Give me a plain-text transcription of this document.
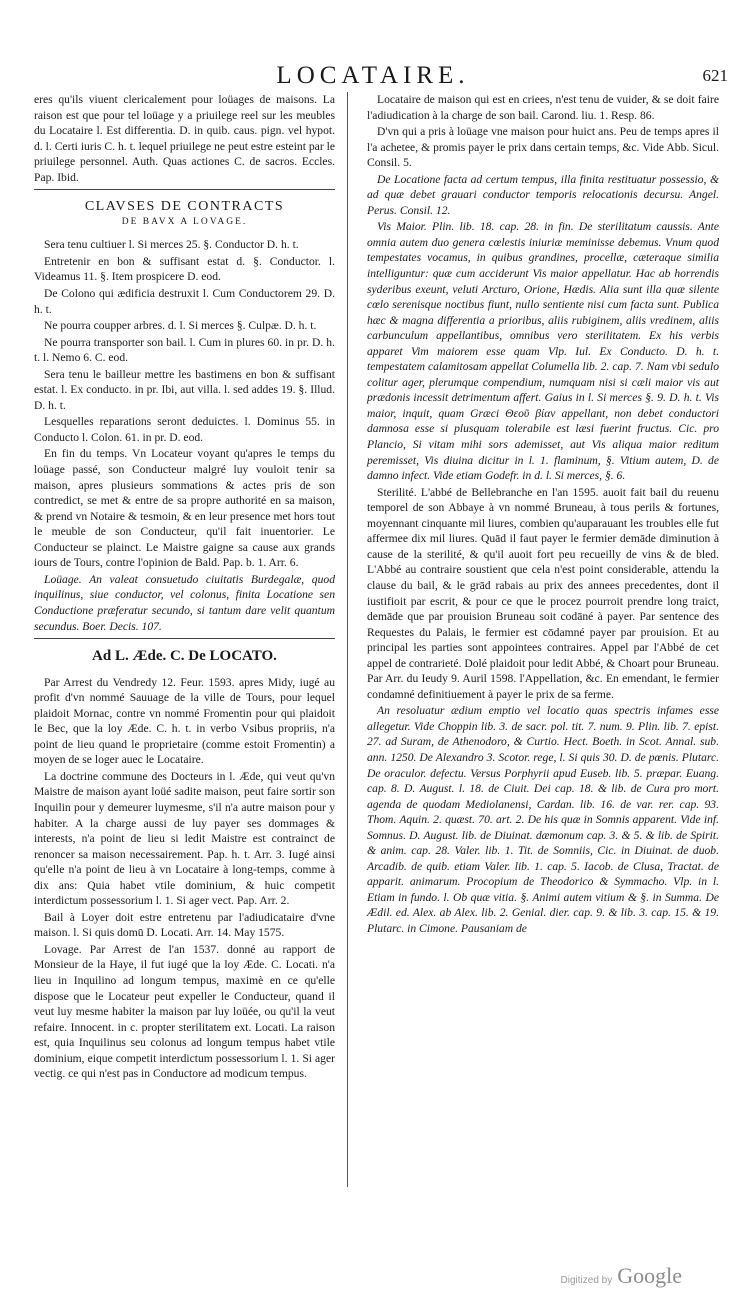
LOCATAIRE.	621

eres qu'ils viuent clericalement pour loüages de maisons. La raison est que pour tel loüage y a priuilege reel sur les meubles du Locataire l. Est differentia. D. in quib. caus. pign. vel hypot. d. l. Certi iuris C. h. t. lequel priuilege ne peut estre esteint par le priuilege personnel. Auth. Quas actiones C. de sacros. Eccles. Pap. Ibid.

CLAVSES DE CONTRACTS
DE BAVX A LOVAGE.

Sera tenu cultiuer l. Si merces 25. §. Conductor D. h. t.

Entretenir en bon & suffisant estat d. §. Conductor. l. Videamus 11. §. Item prospicere D. eod.

De Colono qui ædificia destruxit l. Cum Conductorem 29. D. h. t.

Ne pourra coupper arbres. d. l. Si merces §. Culpæ. D. h. t.

Ne pourra transporter son bail. l. Cum in plures 60. in pr. D. h. t. l. Nemo 6. C. eod.

Sera tenu le bailleur mettre les bastimens en bon & suffisant estat. l. Ex conducto. in pr. Ibi, aut villa. l. sed addes 19. §. Illud. D. h. t.

Lesquelles reparations seront deduictes. l. Dominus 55. in Conducto l. Colon. 61. in pr. D. eod.

En fin du temps. Vn Locateur voyant qu'apres le temps du loüage passé, son Conducteur malgré luy vouloit tenir sa maison, apres plusieurs sommations & actes pris de son contredict, se met & entre de sa propre authorité en sa maison, & prend vn Notaire & tesmoin, & en leur presence met hors tout le meuble de son Conducteur, qu'il fait inuentorier. Le Conducteur se plainct. Le Maistre gaigne sa cause aux grands iours de Tours, contre l'opinion de Bald. Pap. b. 1. Arr. 6.

Loüage. An valeat consuetudo ciuitatis Burdegalæ, quod inquilinus, siue conductor, vel colonus, finita Locatione sen Conductione præferatur secundo, si tantum dare velit quantum secundus. Boer. Decis. 107.

Ad L. Æde. C. De LOCATO.

Par Arrest du Vendredy 12. Feur. 1593. apres Midy, iugé au profit d'vn nommé Sauuage de la ville de Tours, pour lequel plaidoit Mornac, contre vn nommé Fromentin pour qui plaidoit le Bec, que la loy Æde. C. h. t. in verbo Vsibus propriis, n'a point de lieu quand le proprietaire (comme estoit Fromentin) a moyen de se loger auec le Locataire.

La doctrine commune des Docteurs in l. Æde, qui veut qu'vn Maistre de maison ayant loüé sadite maison, peut faire sortir son Inquilin pour y demeurer luymesme, s'il n'a autre maison pour y habiter. A la charge aussi de luy payer ses dommages & interests, n'a point de lieu si ledit Maistre est contrainct de renoncer sa maison necessairement. Pap. h. t. Arr. 3. Iugé ainsi qu'elle n'a point de lieu à vn Locataire à long-temps, comme à dix ans: Quia habet vtile dominium, & huic competit interdictum possessorium l. 1. Si ager vect. Pap. Arr. 2.

Bail à Loyer doit estre entretenu par l'adiudicataire d'vne maison. l. Si quis domū D. Locati. Arr. 14. May 1575.

Lovage. Par Arrest de l'an 1537. donné au rapport de Monsieur de la Haye, il fut iugé que la loy Æde. C. Locati. n'a lieu in Inquilino ad longum tempus, maximè en ce qu'elle dispose que le Locateur peut expeller le Conducteur, quand il veut luy mesme habiter la maison par luy loüée, ou qu'il la veut refaire. Innocent. in c. propter sterilitatem ext. Locati. La raison est, quia Inquilinus seu colonus ad longum tempus habet vtile dominium, eique competit interdictum possessorium l. 1. Si ager vectig. ce qui n'est pas in Conductore ad modicum tempus.

Locataire de maison qui est en criees, n'est tenu de vuider, & se doit faire l'adiudication à la charge de son bail. Carond. liu. 1. Resp. 86.

D'vn qui a pris à loüage vne maison pour huict ans. Peu de temps apres il l'a achetee, & promis payer le prix dans certain temps, &c. Vide Abb. Sicul. Consil. 5.

De Locatione facta ad certum tempus, illa finita restituatur possessio, & ad quæ debet grauari conductor temporis relocationis decursu. Angel. Perus. Consil. 12.

Vis Maior. Plin. lib. 18. cap. 28. in fin. De sterilitatum caussis. Ante omnia autem duo genera cœlestis iniuriæ meminisse debemus. Vnum quod tempestates vocamus, in quibus grandines, procellæ, cæteraque similia intelliguntur: quæ cum acciderunt Vis maior appellatur. Hac ab horrendis syderibus exeunt, veluti Arcturo, Orione, Hædis. Alia sunt illa quæ silente cœlo serenisque noctibus fiunt, nullo sentiente nisi cum facta sunt. Publica hæc & magna differentia a prioribus, aliis rubiginem, aliis vredinem, aliis carbunculum appellantibus, omnibus vero sterilitatem. Ex his verbis apparet Vim maiorem esse quam Vlp. Iul. Ex Conducto. D. h. t. tempestatem calamitosam appellat Columella lib. 2. cap. 7. Nam vbi sedulo colitur ager, plerumque compendium, numquam nisi si cæli maior vis aut prædonis incessit detrimentum affert. Gaius in l. Si merces §. 9. D. h. t. Vis maior, inquit, quam Græci Θεοῦ βίαν appellant, non debet conductori damnosa esse si plusquam tolerabile est læsi fuerint fructus. Cic. pro Plancio, Si vitam mihi sors ademisset, aut Vis aliqua maior reditum peremisset, Vis diuina dicitur in l. 1. flaminum, §. Vitium autem, D. de damno infect. Vide etiam Godefr. in d. l. Si merces, §. 6.

Sterilité. L'abbé de Bellebranche en l'an 1595. auoit fait bail du reuenu temporel de son Abbaye à vn nommé Bruneau, à tous perils & fortunes, moyennant cinquante mil liures, combien qu'auparauant les troubles elle fut affermee dix mil liures. Quād il faut payer le fermier demāde diminution à cause de la sterilité, & qu'il auoit fort peu recueilly de vins & de bled. L'Abbé au contraire soustient que cela n'est point considerable, attendu la clause du bail, & le grād rabais au prix des annees precedentes, dont il iustifioit par escrit, & pour ce que le procez pourroit prendre long traict, demāde que par prouision Bruneau soit codāné à payer. Par sentence des Requestes du Palais, le fermier est cōdamné payer par prouision. Et au principal les parties sont appointees contraires. Appel par l'Abbé de cet appel de contrarieté. Dolé plaidoit pour ledit Abbé, & Choart pour Bruneau. Par Arr. du Ieudy 9. Auril 1598. l'Appellation, &c. En emendant, le fermier condamné definitiuement à payer le prix de sa ferme.

An resoluatur ædium emptio vel locatio quas spectris infames esse allegetur. Vide Choppin lib. 3. de sacr. pol. tit. 7. num. 9. Plin. lib. 7. epist. 27. ad Suram, de Athenodoro, & Curtio. Hect. Boeth. in Scot. Annal. sub. ann. 1250. De Alexandro 3. Scotor. rege, l. Si quis 30. D. de pœnis. Plutarc. De oraculor. defectu. Versus Porphyrii apud Euseb. lib. 5. præpar. Euang. cap. 8. D. August. l. 18. de Ciuit. Dei cap. 18. & lib. de Cura pro mort. agenda de quodam Mediolanensi, Cardan. lib. 16. de var. rer. cap. 93. Thom. Aquin. 2. quæst. 70. art. 2. De his quæ in Somnis apparent. Vide inf. Somnus. D. August. lib. de Diuinat. dæmonum cap. 3. & 5. & lib. de Spirit. & anim. cap. 28. Valer. lib. 1. Tit. de Somniis, Cic. in Diuinat. de duob. Arcadib. de quib. etiam Valer. lib. 1. cap. 5. Iacob. de Clusa, Tractat. de apparit. animarum. Procopium de Theodorico & Symmacho. Vlp. in l. Etiam in fundo. l. Ob quæ vitia. §. Animi autem vitium & §. in Summa. De Ædil. ed. Alex. ab Alex. lib. 2. Genial. dier. cap. 9. & lib. 3. cap. 15. & 19. Plutarc. in Cimone. Pausaniam de

Digitized by Google
